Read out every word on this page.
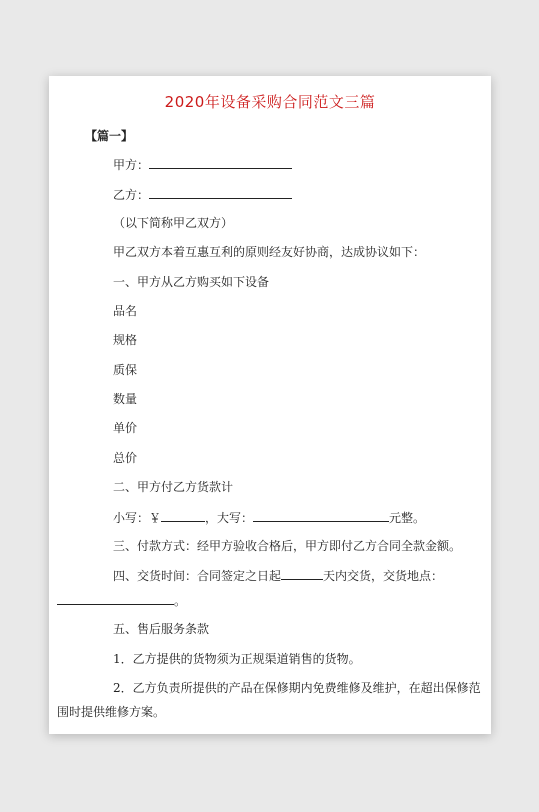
2020年设备采购合同范文三篇
【篇一】
甲方：
乙方：
（以下简称甲乙双方）
甲乙双方本着互惠互利的原则经友好协商，达成协议如下：
一、甲方从乙方购买如下设备
品名
规格
质保
数量
单价
总价
二、甲方付乙方货款计
小写：￥	，大写：	元整。
三、付款方式：经甲方验收合格后，甲方即付乙方合同全款金额。
四、交货时间：合同签定之日起	天内交货，交货地点：
。
五、售后服务条款
1．乙方提供的货物须为正规渠道销售的货物。
2．乙方负责所提供的产品在保修期内免费维修及维护，在超出保修范
围时提供维修方案。
